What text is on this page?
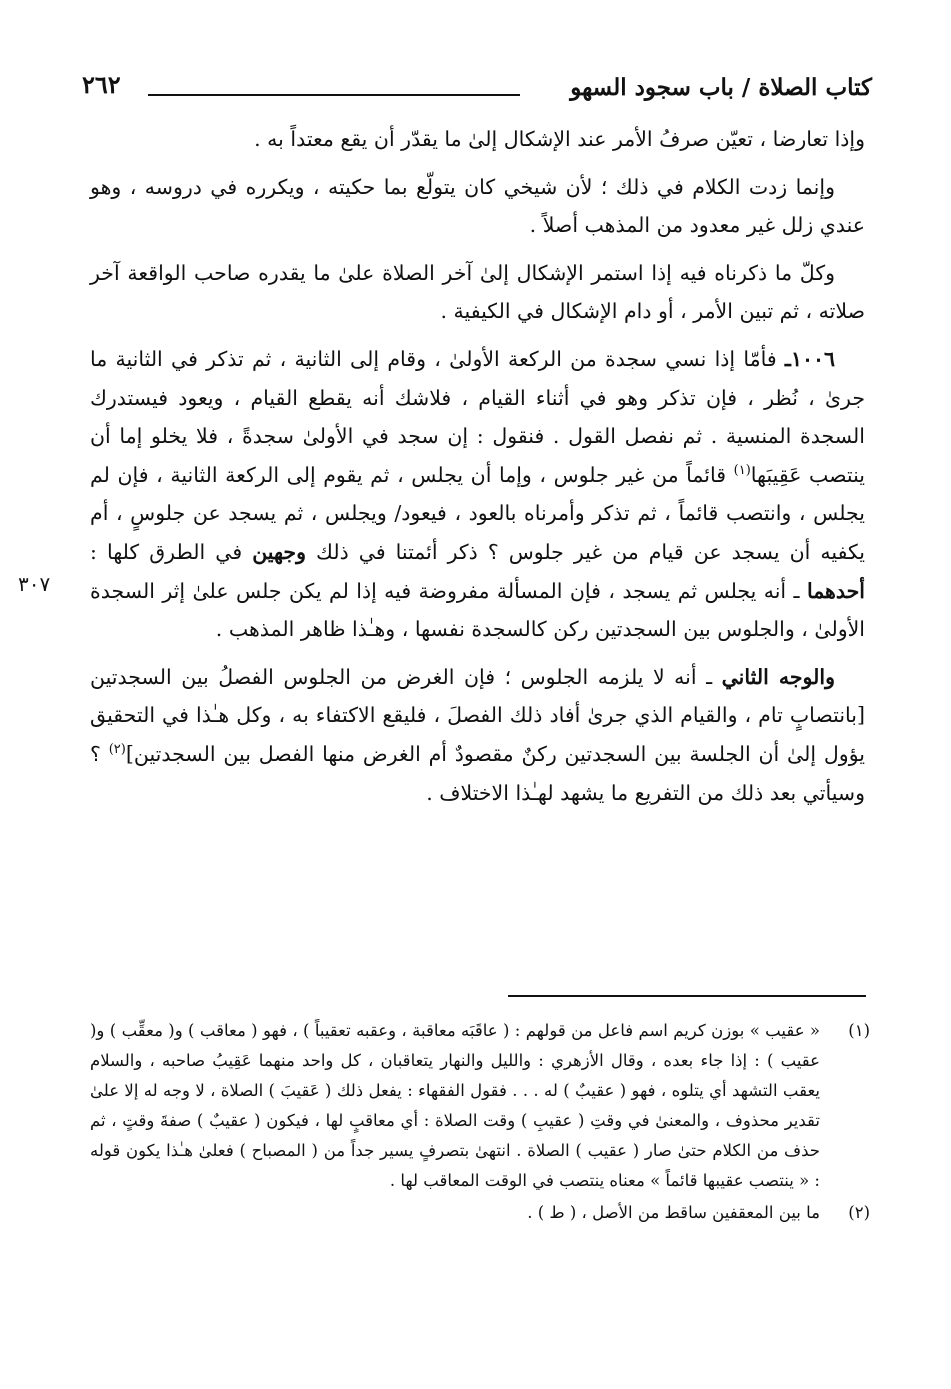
كتاب الصلاة / باب سجود السهو
٢٦٢

وإذا تعارضا ، تعيّن صرفُ الأمر عند الإشكال إلىٰ ما يقدّر أن يقع معتداً به .

وإنما زدت الكلام في ذلك ؛ لأن شيخي كان يتولّع بما حكيته ، ويكرره في دروسه ، وهو عندي زلل غير معدود من المذهب أصلاً .

وكلّ ما ذكرناه فيه إذا استمر الإشكال إلىٰ آخر الصلاة علىٰ ما يقدره صاحب الواقعة آخر صلاته ، ثم تبين الأمر ، أو دام الإشكال في الكيفية .

١٠٠٦ـ فأمّا إذا نسي سجدة من الركعة الأولىٰ ، وقام إلى الثانية ، ثم تذكر في الثانية ما جرىٰ ، نُظر ، فإن تذكر وهو في أثناء القيام ، فلاشك أنه يقطع القيام ، ويعود فيستدرك السجدة المنسية . ثم نفصل القول . فنقول : إن سجد في الأولىٰ سجدةً ، فلا يخلو إما أن ينتصب عَقِيبَها$^{(١)}$ قائماً من غير جلوس ، وإما أن يجلس ، ثم يقوم إلى الركعة الثانية ، فإن لم يجلس ، وانتصب قائماً ، ثم تذكر وأمرناه بالعود ، فيعود/ ويجلس ، ثم يسجد عن جلوسٍ ، أم يكفيه أن يسجد عن قيام من غير جلوس ؟ ذكر أئمتنا في ذلك وجهين في الطرق كلها : أحدهما ـ أنه يجلس ثم يسجد ، فإن المسألة مفروضة فيه إذا لم يكن جلس علىٰ إثر السجدة الأولىٰ ، والجلوس بين السجدتين ركن كالسجدة نفسها ، وهـٰذا ظاهر المذهب .

والوجه الثاني ـ أنه لا يلزمه الجلوس ؛ فإن الغرض من الجلوس الفصلُ بين السجدتين [بانتصابٍ تام ، والقيام الذي جرىٰ أفاد ذلك الفصلَ ، فليقع الاكتفاء به ، وكل هـٰذا في التحقيق يؤول إلىٰ أن الجلسة بين السجدتين ركنٌ مقصودٌ أم الغرض منها الفصل بين السجدتين]$^{(٢)}$ ؟ وسيأتي بعد ذلك من التفريع ما يشهد لهـٰذا الاختلاف .

٣٠٧
(١)
« عقيب » بوزن كريم اسم فاعل من قولهم : ( عاقَبَه معاقبة ، وعقبه تعقيباً ) ، فهو ( معاقب ) و( معقِّب ) و( عقيب ) : إذا جاء بعده ، وقال الأزهري : والليل والنهار يتعاقبان ، كل واحد منهما عَقِيبُ صاحبه ، والسلام يعقب التشهد أي يتلوه ، فهو ( عقيبٌ ) له . . . فقول الفقهاء : يفعل ذلك ( عَقيبَ ) الصلاة ، لا وجه له إلا علىٰ تقدير محذوف ، والمعنىٰ في وقتِ ( عقيبِ ) وقت الصلاة : أي معاقبٍ لها ، فيكون ( عقيبٌ ) صفةَ وقتٍ ، ثم حذف من الكلام حتىٰ صار ( عقيب ) الصلاة . انتهىٰ بتصرفٍ يسير جداً من ( المصباح ) فعلىٰ هـٰذا يكون قوله : « ينتصب عقيبها قائماً » معناه ينتصب في الوقت المعاقب لها .
(٢)
ما بين المعقفين ساقط من الأصل ، ( ط ) .
